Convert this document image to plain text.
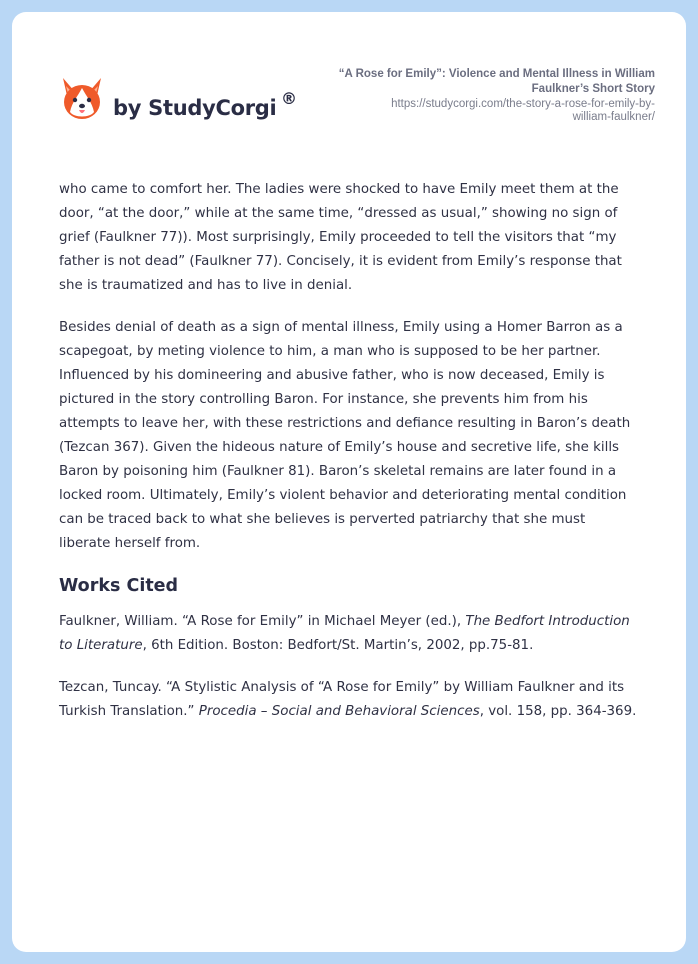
by StudyCorgi ®
“A Rose for Emily”: Violence and Mental Illness in William
Faulkner’s Short Story
https://studycorgi.com/the-story-a-rose-for-emily-by-
william-faulkner/

who came to comfort her. The ladies were shocked to have Emily meet them at the

door, “at the door,” while at the same time, “dressed as usual,” showing no sign of

grief (Faulkner 77)). Most surprisingly, Emily proceeded to tell the visitors that “my

father is not dead” (Faulkner 77). Concisely, it is evident from Emily’s response that

she is traumatized and has to live in denial.

Besides denial of death as a sign of mental illness, Emily using a Homer Barron as a

scapegoat, by meting violence to him, a man who is supposed to be her partner.

Influenced by his domineering and abusive father, who is now deceased, Emily is

pictured in the story controlling Baron. For instance, she prevents him from his

attempts to leave her, with these restrictions and defiance resulting in Baron’s death

(Tezcan 367). Given the hideous nature of Emily’s house and secretive life, she kills

Baron by poisoning him (Faulkner 81). Baron’s skeletal remains are later found in a

locked room. Ultimately, Emily’s violent behavior and deteriorating mental condition

can be traced back to what she believes is perverted patriarchy that she must

liberate herself from.

Works Cited

Faulkner, William. “A Rose for Emily” in Michael Meyer (ed.), The Bedfort Introduction

to Literature, 6th Edition. Boston: Bedfort/St. Martin’s, 2002, pp.75-81.

Tezcan, Tuncay. “A Stylistic Analysis of “A Rose for Emily” by William Faulkner and its

Turkish Translation.” Procedia – Social and Behavioral Sciences, vol. 158, pp. 364-369.
